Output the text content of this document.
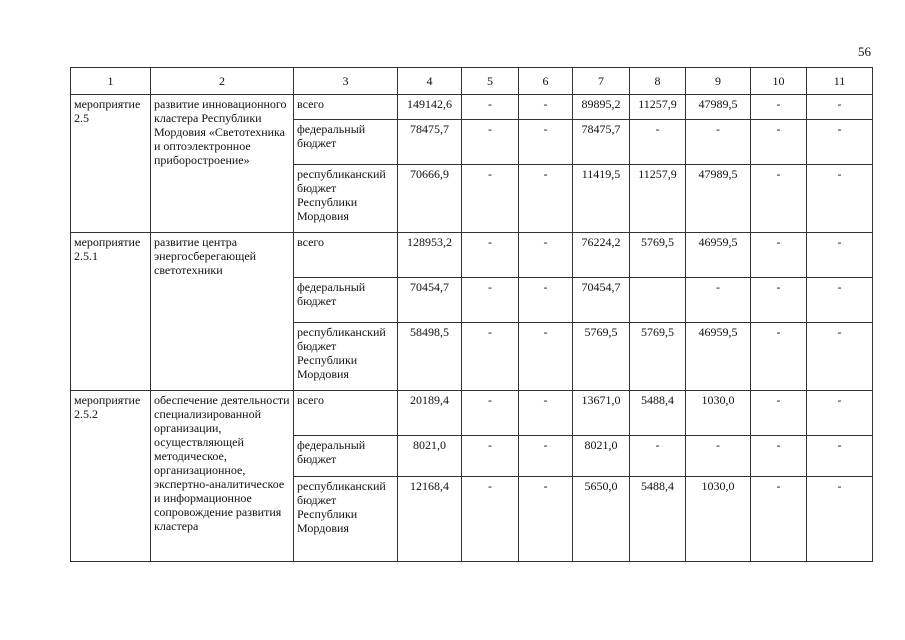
56
1	2	3	4	5	6	7	8	9	10	11
мероприятие 2.5	развитие инновационного кластера Республики Мордовия «Светотехника и оптоэлектронное приборостроение»	всего	149142,6	-	-	89895,2	11257,9	47989,5	-	-
		федеральный бюджет	78475,7	-	-	78475,7	-	-	-	-
		республиканский бюджет Республики Мордовия	70666,9	-	-	11419,5	11257,9	47989,5	-	-
мероприятие 2.5.1	развитие центра энергосберегающей светотехники	всего	128953,2	-	-	76224,2	5769,5	46959,5	-	-
		федеральный бюджет	70454,7	-	-	70454,7		-	-	-
		республиканский бюджет Республики Мордовия	58498,5	-	-	5769,5	5769,5	46959,5	-	-
мероприятие 2.5.2	обеспечение деятельности специализированной организации, осуществляющей методическое, организационное, экспертно-аналитическое и информационное сопровождение развития кластера	всего	20189,4	-	-	13671,0	5488,4	1030,0	-	-
		федеральный бюджет	8021,0	-	-	8021,0	-	-	-	-
		республиканский бюджет Республики Мордовия	12168,4	-	-	5650,0	5488,4	1030,0	-	-
